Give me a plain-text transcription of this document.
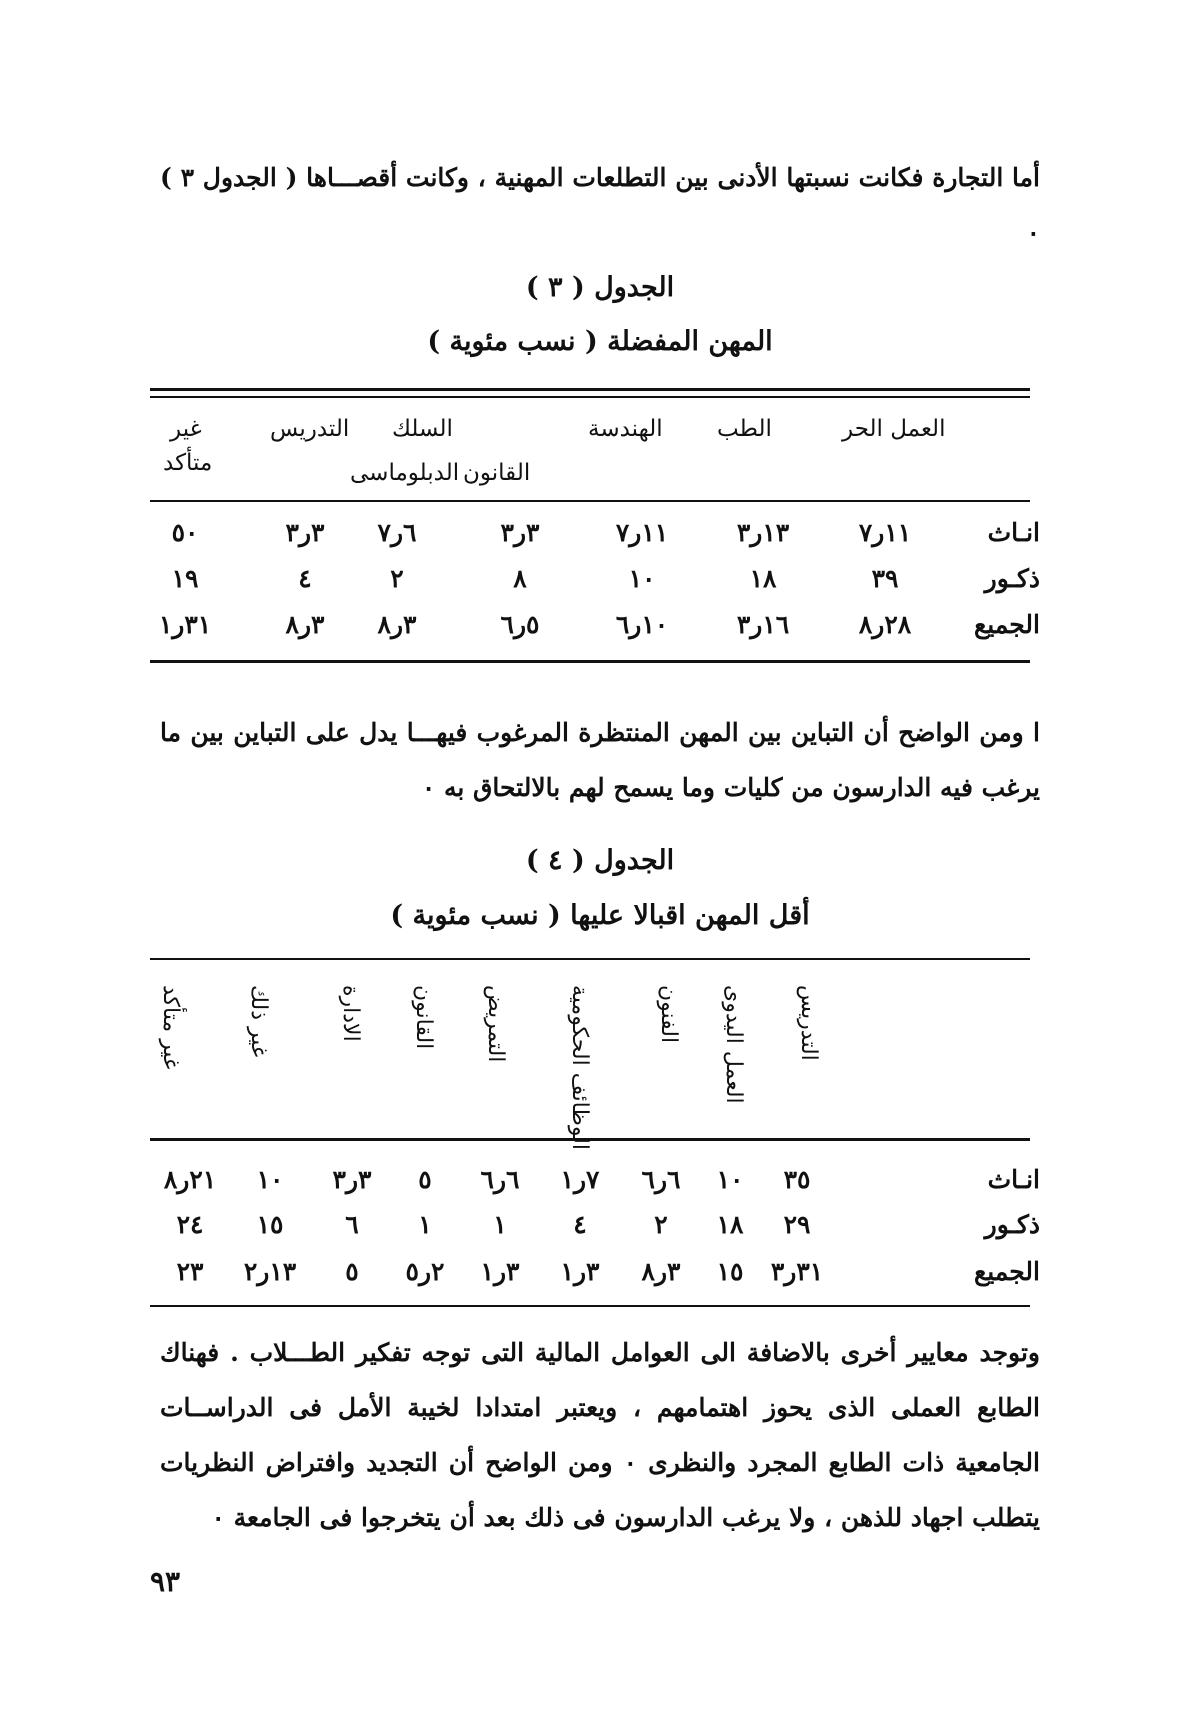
أما التجارة فكانت نسبتها الأدنى بين التطلعات المهنية ، وكانت أقصـــاها ( الجدول ٣ ) ٠
الجدول ( ٣ )
المهن المفضلة ( نسب مئوية )
العمل الحر
الطب
الهندسة
السلك
التدريس
القانون
الدبلوماسى
غير
متأكد
انـاث
١١ر٧
١٣ر٣
١١ر٧
٣ر٣
٦ر٧
٣ر٣
٥٠
ذكـور
٣٩
١٨
١٠
٨
٢
٤
١٩
الجميع
٢٨ر٨
١٦ر٣
١٠ر٦
٥ر٦
٣ر٨
٣ر٨
٣١ر١
ا ومن الواضح أن التباين بين المهن المنتظرة المرغوب فيهـــا يدل على التباين بين ما يرغب فيه الدارسون من كليات وما يسمح لهم بالالتحاق به ٠
الجدول ( ٤ )
أقل المهن اقبالا عليها ( نسب مئوية )
التدريس
العمل اليدوى
الفنون
الوظائف الحكومية
التمريض
القانون
الادارة
غير ذلك
غير متأكد
انـاث
٣٥
١٠
٦ر٦
٧ر١
٦ر٦
٥
٣ر٣
١٠
٢١ر٨
ذكـور
٢٩
١٨
٢
٤
١
١
٦
١٥
٢٤
الجميع
٣١ر٣
١٥
٣ر٨
٣ر١
٣ر١
٢ر٥
٥
١٣ر٢
٢٣
وتوجد معايير أخرى بالاضافة الى العوامل المالية التى توجه تفكير الطـــلاب . فهناك الطابع العملى الذى يحوز اهتمامهم ، ويعتبر امتدادا لخيبة الأمل فى الدراســات الجامعية ذات الطابع المجرد والنظرى ٠ ومن الواضح أن التجديد وافتراض النظريات يتطلب اجهاد للذهن ، ولا يرغب الدارسون فى ذلك بعد أن يتخرجوا فى الجامعة ٠
٩٣
